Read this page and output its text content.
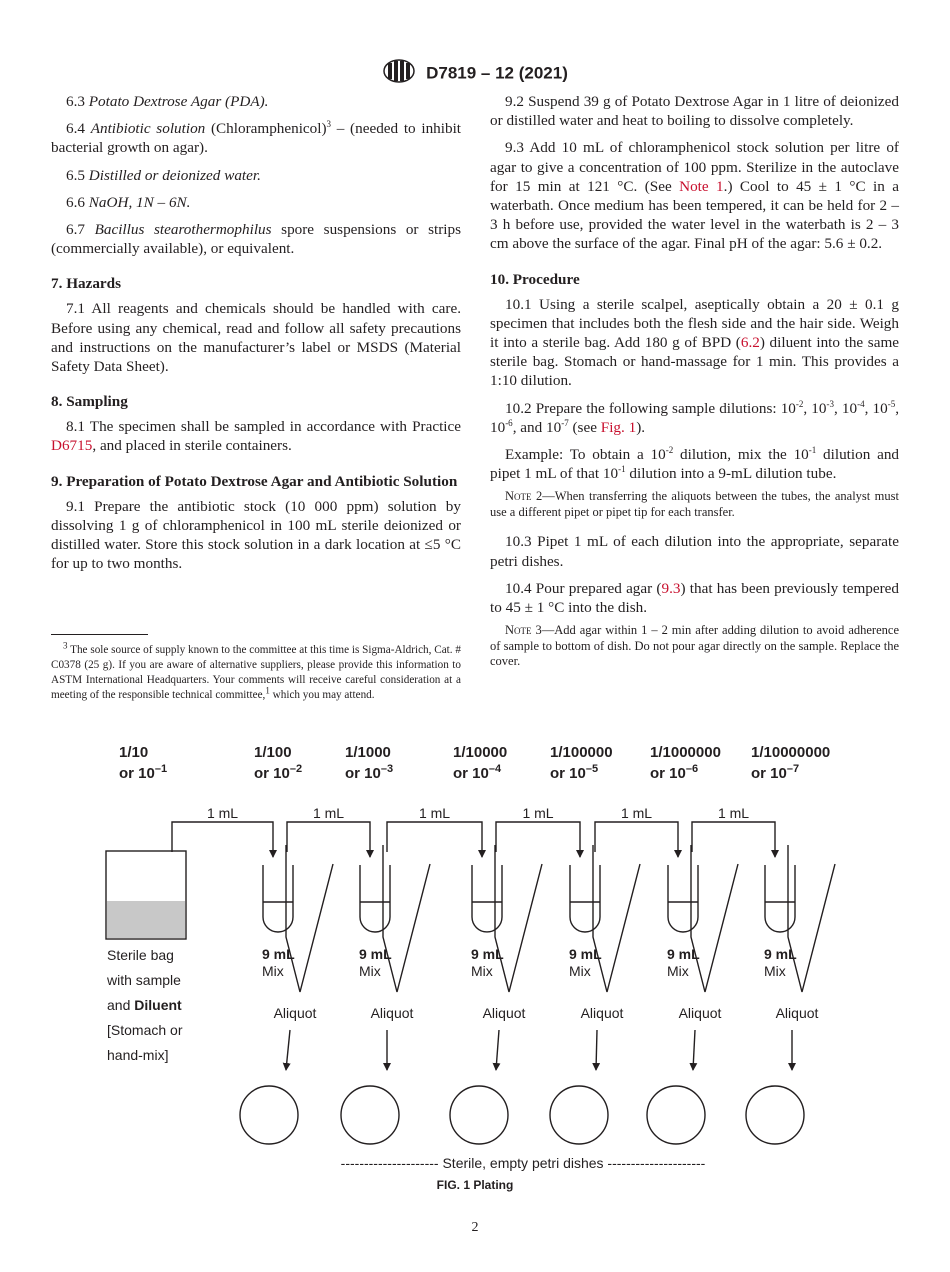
D7819 – 12 (2021)

6.3 Potato Dextrose Agar (PDA).

6.4 Antibiotic solution (Chloramphenicol)$^3$ – (needed to inhibit bacterial growth on agar).

6.5 Distilled or deionized water.

6.6 NaOH, 1N – 6N.

6.7 Bacillus stearothermophilus spore suspensions or strips (commercially available), or equivalent.

7. Hazards

7.1 All reagents and chemicals should be handled with care. Before using any chemical, read and follow all safety precautions and instructions on the manufacturer’s label or MSDS (Material Safety Data Sheet).

8. Sampling

8.1 The specimen shall be sampled in accordance with Practice D6715, and placed in sterile containers.

9. Preparation of Potato Dextrose Agar and Antibiotic Solution

9.1 Prepare the antibiotic stock (10 000 ppm) solution by dissolving 1 g of chloramphenicol in 100 mL sterile deionized or distilled water. Store this stock solution in a dark location at ≤5 °C for up to two months.

$^3$ The sole source of supply known to the committee at this time is Sigma-Aldrich, Cat. # C0378 (25 g). If you are aware of alternative suppliers, please provide this information to ASTM International Headquarters. Your comments will receive careful consideration at a meeting of the responsible technical committee,$^1$ which you may attend.

9.2 Suspend 39 g of Potato Dextrose Agar in 1 litre of deionized or distilled water and heat to boiling to dissolve completely.

9.3 Add 10 mL of chloramphenicol stock solution per litre of agar to give a concentration of 100 ppm. Sterilize in the autoclave for 15 min at 121 °C. (See Note 1.) Cool to 45 ± 1 °C in a waterbath. Once medium has been tempered, it can be held for 2 – 3 h before use, provided the water level in the waterbath is 2 – 3 cm above the surface of the agar. Final pH of the agar: 5.6 ± 0.2.

10. Procedure

10.1 Using a sterile scalpel, aseptically obtain a 20 ± 0.1 g specimen that includes both the flesh side and the hair side. Weigh it into a sterile bag. Add 180 g of BPD (6.2) diluent into the same sterile bag. Stomach or hand-massage for 1 min. This provides a 1:10 dilution.

10.2 Prepare the following sample dilutions: $10^{-2}$, $10^{-3}$, $10^{-4}$, $10^{-5}$, $10^{-6}$, and $10^{-7}$ (see Fig. 1).

Example: To obtain a $10^{-2}$ dilution, mix the $10^{-1}$ dilution and pipet 1 mL of that $10^{-1}$ dilution into a 9-mL dilution tube.

Note 2—When transferring the aliquots between the tubes, the analyst must use a different pipet or pipet tip for each transfer.

10.3 Pipet 1 mL of each dilution into the appropriate, separate petri dishes.

10.4 Pour prepared agar (9.3) that has been previously tempered to 45 ± 1 °C into the dish.

Note 3—Add agar within 1 – 2 min after adding dilution to avoid adherence of sample to bottom of dish. Do not pour agar directly on the sample. Replace the cover.

1/10
or $10^{-1}$
1/100
or $10^{-2}$
1/1000
or $10^{-3}$
1/10000
or $10^{-4}$
1/100000
or $10^{-5}$
1/1000000
or $10^{-6}$
1/10000000
or $10^{-7}$
9 mL
Mix
Aliquot
9 mL
Mix
Aliquot
9 mL
Mix
Aliquot
9 mL
Mix
Aliquot
9 mL
Mix
Aliquot
9 mL
Mix
Aliquot
1 mL	1 mL	1 mL	1 mL	1 mL	1 mL
Sterile bag
with sample
and Diluent
[Stomach or
hand-mix]
--------------------- Sterile, empty petri dishes ---------------------
FIG. 1 Plating
2
